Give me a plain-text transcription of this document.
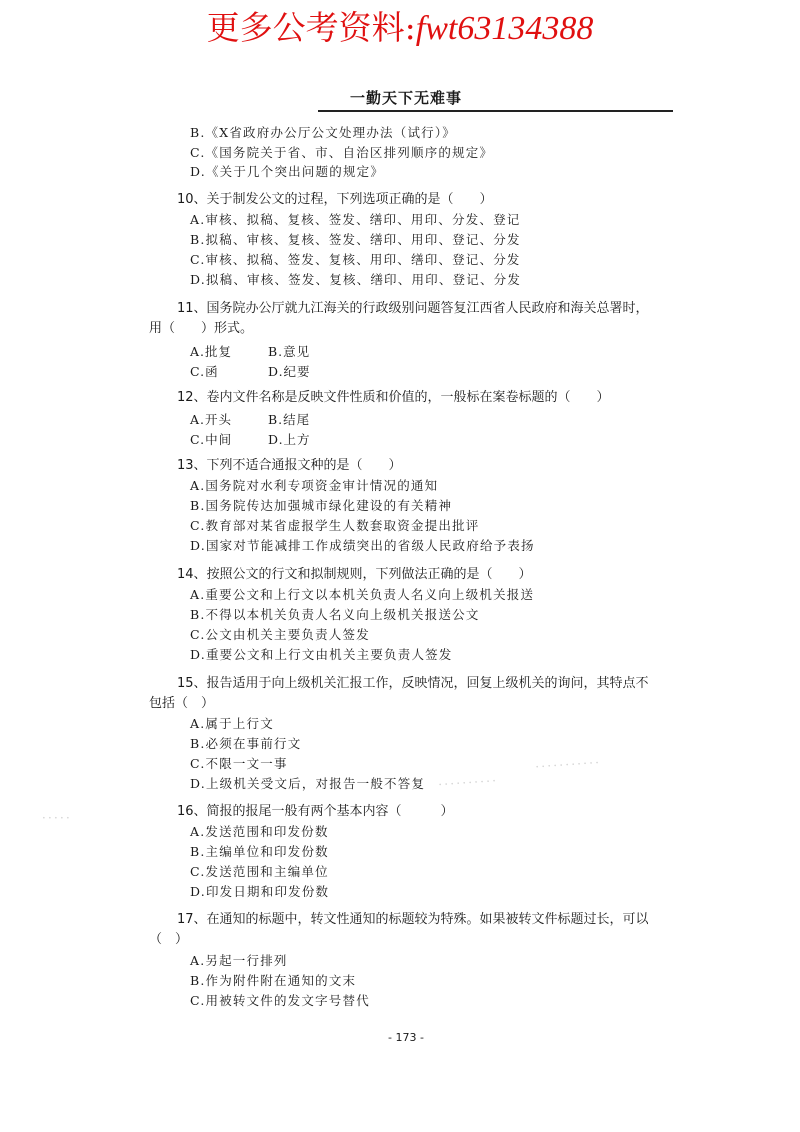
更多公考资料:fwt63134388
一勤天下无难事
．．．．．．．．．．．
．．．．．．．．．．
．．．．．
B.《X省政府办公厅公文处理办法（试行）》
C.《国务院关于省、市、自治区排列顺序的规定》
D.《关于几个突出问题的规定》
10、关于制发公文的过程，下列选项正确的是（　　）
A.审核、拟稿、复核、签发、缮印、用印、分发、登记
B.拟稿、审核、复核、签发、缮印、用印、登记、分发
C.审核、拟稿、签发、复核、用印、缮印、登记、分发
D.拟稿、审核、签发、复核、缮印、用印、登记、分发
11、国务院办公厅就九江海关的行政级别问题答复江西省人民政府和海关总署时，
用（　　）形式。
A.批复	B.意见
C.函	D.纪要
12、卷内文件名称是反映文件性质和价值的，一般标在案卷标题的（　　）
A.开头	B.结尾
C.中间	D.上方
13、下列不适合通报文种的是（　　）
A.国务院对水利专项资金审计情况的通知
B.国务院传达加强城市绿化建设的有关精神
C.教育部对某省虚报学生人数套取资金提出批评
D.国家对节能减排工作成绩突出的省级人民政府给予表扬
14、按照公文的行文和拟制规则，下列做法正确的是（　　）
A.重要公文和上行文以本机关负责人名义向上级机关报送
B.不得以本机关负责人名义向上级机关报送公文
C.公文由机关主要负责人签发
D.重要公文和上行文由机关主要负责人签发
15、报告适用于向上级机关汇报工作，反映情况，回复上级机关的询问，其特点不
包括（　）
A.属于上行文
B.必须在事前行文
C.不限一文一事
D.上级机关受文后，对报告一般不答复
16、简报的报尾一般有两个基本内容（　　　）
A.发送范围和印发份数
B.主编单位和印发份数
C.发送范围和主编单位
D.印发日期和印发份数
17、在通知的标题中，转文性通知的标题较为特殊。如果被转文件标题过长，可以
（　）
A.另起一行排列
B.作为附件附在通知的文末
C.用被转文件的发文字号替代
- 173 -
